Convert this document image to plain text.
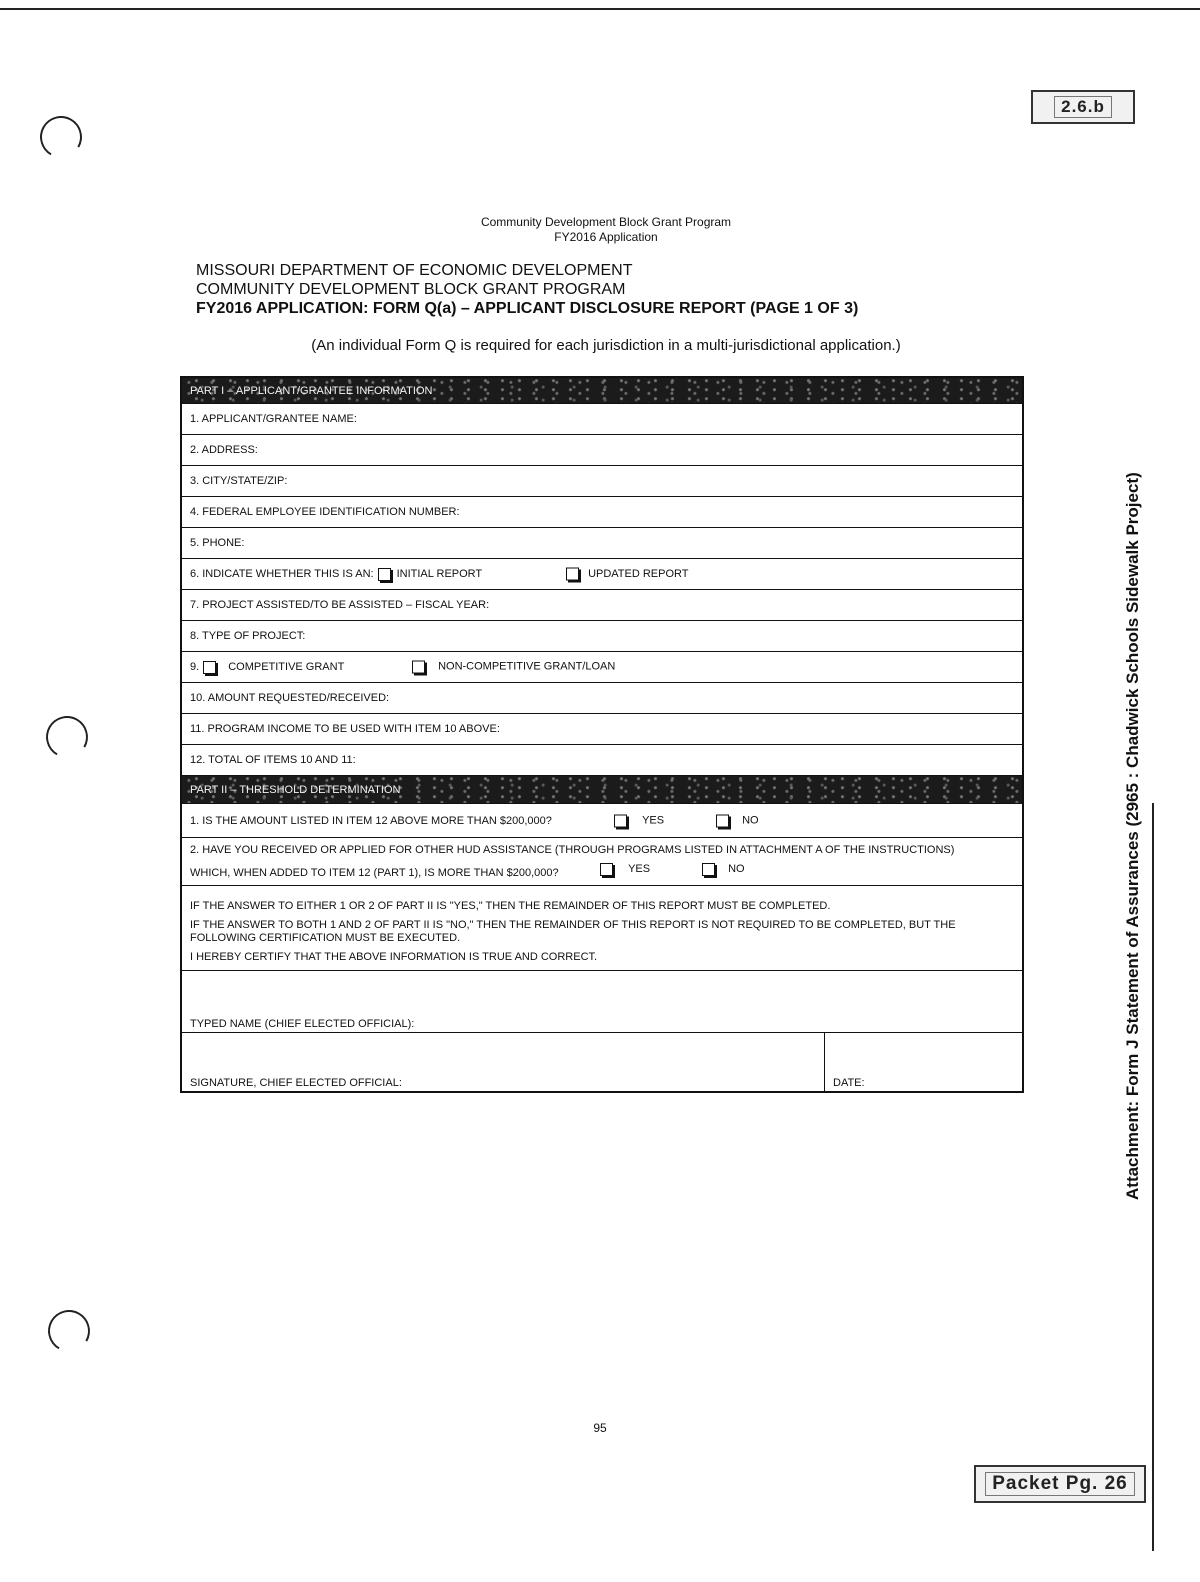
2.6.b
Community Development Block Grant Program
FY2016 Application
MISSOURI DEPARTMENT OF ECONOMIC DEVELOPMENT
COMMUNITY DEVELOPMENT BLOCK GRANT PROGRAM
FY2016 APPLICATION: FORM Q(a) – APPLICANT DISCLOSURE REPORT (PAGE 1 OF 3)
(An individual Form Q is required for each jurisdiction in a multi-jurisdictional application.)
PART I – APPLICANT/GRANTEE INFORMATION
1. APPLICANT/GRANTEE NAME:
2. ADDRESS:
3. CITY/STATE/ZIP:
4. FEDERAL EMPLOYEE IDENTIFICATION NUMBER:
5. PHONE:
6. INDICATE WHETHER THIS IS AN: INITIAL REPORT	UPDATED REPORT
7. PROJECT ASSISTED/TO BE ASSISTED – FISCAL YEAR:
8. TYPE OF PROJECT:
9.	COMPETITIVE GRANT	NON-COMPETITIVE GRANT/LOAN
10. AMOUNT REQUESTED/RECEIVED:
11. PROGRAM INCOME TO BE USED WITH ITEM 10 ABOVE:
12. TOTAL OF ITEMS 10 AND 11:
PART II – THRESHOLD DETERMINATION
1. IS THE AMOUNT LISTED IN ITEM 12 ABOVE MORE THAN $200,000?	YES	NO
2. HAVE YOU RECEIVED OR APPLIED FOR OTHER HUD ASSISTANCE (THROUGH PROGRAMS LISTED IN ATTACHMENT A OF THE INSTRUCTIONS)
WHICH, WHEN ADDED TO ITEM 12 (PART 1), IS MORE THAN $200,000?	YES	NO

IF THE ANSWER TO EITHER 1 OR 2 OF PART II IS "YES," THEN THE REMAINDER OF THIS REPORT MUST BE COMPLETED.

IF THE ANSWER TO BOTH 1 AND 2 OF PART II IS "NO," THEN THE REMAINDER OF THIS REPORT IS NOT REQUIRED TO BE COMPLETED, BUT THE FOLLOWING CERTIFICATION MUST BE EXECUTED.

I HEREBY CERTIFY THAT THE ABOVE INFORMATION IS TRUE AND CORRECT.

TYPED NAME (CHIEF ELECTED OFFICIAL):
SIGNATURE, CHIEF ELECTED OFFICIAL:	DATE:
95
Attachment: Form J Statement of Assurances (2965 : Chadwick Schools Sidewalk Project)
Packet Pg. 26
